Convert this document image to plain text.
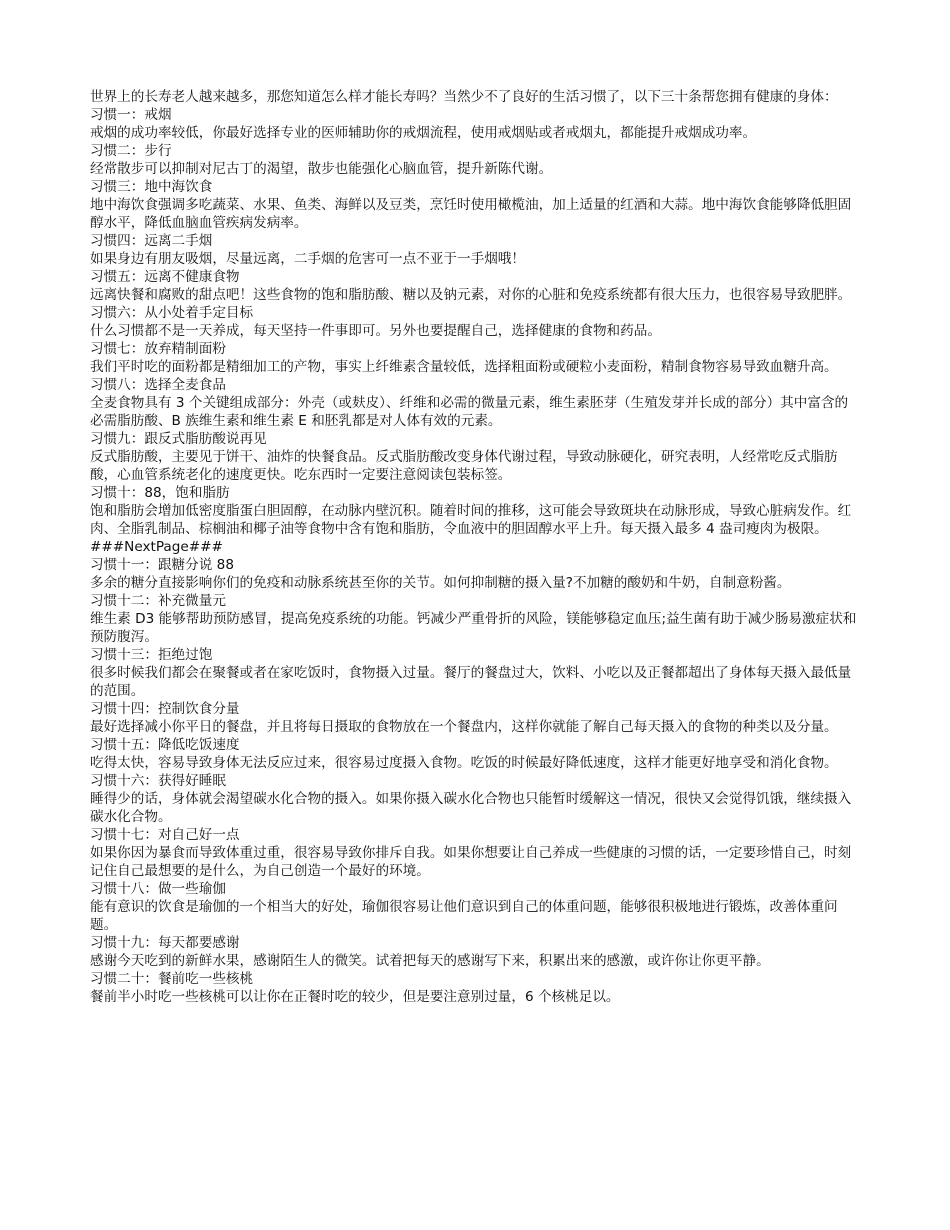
世界上的长寿老人越来越多，那您知道怎么样才能长寿吗？当然少不了良好的生活习惯了，以下三十条帮您拥有健康的身体：

习惯一：戒烟

戒烟的成功率较低，你最好选择专业的医师辅助你的戒烟流程，使用戒烟贴或者戒烟丸，都能提升戒烟成功率。

习惯二：步行

经常散步可以抑制对尼古丁的渴望，散步也能强化心脑血管，提升新陈代谢。

习惯三：地中海饮食

地中海饮食强调多吃蔬菜、水果、鱼类、海鲜以及豆类，烹饪时使用橄榄油，加上适量的红酒和大蒜。地中海饮食能够降低胆固醇水平，降低血脑血管疾病发病率。

习惯四：远离二手烟

如果身边有朋友吸烟，尽量远离，二手烟的危害可一点不亚于一手烟哦！

习惯五：远离不健康食物

远离快餐和腐败的甜点吧！这些食物的饱和脂肪酸、糖以及钠元素，对你的心脏和免疫系统都有很大压力，也很容易导致肥胖。

习惯六：从小处着手定目标

什么习惯都不是一天养成，每天坚持一件事即可。另外也要提醒自己，选择健康的食物和药品。

习惯七：放弃精制面粉

我们平时吃的面粉都是精细加工的产物，事实上纤维素含量较低，选择粗面粉或硬粒小麦面粉，精制食物容易导致血糖升高。

习惯八：选择全麦食品

全麦食物具有 3 个关键组成部分：外壳（或麸皮）、纤维和必需的微量元素，维生素胚芽（生殖发芽并长成的部分）其中富含的必需脂肪酸、B 族维生素和维生素 E 和胚乳都是对人体有效的元素。

习惯九：跟反式脂肪酸说再见

反式脂肪酸，主要见于饼干、油炸的快餐食品。反式脂肪酸改变身体代谢过程，导致动脉硬化，研究表明，人经常吃反式脂肪酸，心血管系统老化的速度更快。吃东西时一定要注意阅读包装标签。

习惯十：88，饱和脂肪

饱和脂肪会增加低密度脂蛋白胆固醇，在动脉内壁沉积。随着时间的推移，这可能会导致斑块在动脉形成，导致心脏病发作。红肉、全脂乳制品、棕榈油和椰子油等食物中含有饱和脂肪，令血液中的胆固醇水平上升。每天摄入最多 4 盎司瘦肉为极限。

###NextPage###

习惯十一：跟糖分说 88

多余的糖分直接影响你们的免疫和动脉系统甚至你的关节。如何抑制糖的摄入量?不加糖的酸奶和牛奶，自制意粉酱。

习惯十二：补充微量元

维生素 D3 能够帮助预防感冒，提高免疫系统的功能。钙减少严重骨折的风险，镁能够稳定血压;益生菌有助于减少肠易激症状和预防腹泻。

习惯十三：拒绝过饱

很多时候我们都会在聚餐或者在家吃饭时，食物摄入过量。餐厅的餐盘过大，饮料、小吃以及正餐都超出了身体每天摄入最低量的范围。

习惯十四：控制饮食分量

最好选择减小你平日的餐盘，并且将每日摄取的食物放在一个餐盘内，这样你就能了解自己每天摄入的食物的种类以及分量。

习惯十五：降低吃饭速度

吃得太快，容易导致身体无法反应过来，很容易过度摄入食物。吃饭的时候最好降低速度，这样才能更好地享受和消化食物。

习惯十六：获得好睡眠

睡得少的话，身体就会渴望碳水化合物的摄入。如果你摄入碳水化合物也只能暂时缓解这一情况，很快又会觉得饥饿，继续摄入碳水化合物。

习惯十七：对自己好一点

如果你因为暴食而导致体重过重，很容易导致你排斥自我。如果你想要让自己养成一些健康的习惯的话，一定要珍惜自己，时刻记住自己最想要的是什么，为自己创造一个最好的环境。

习惯十八：做一些瑜伽

能有意识的饮食是瑜伽的一个相当大的好处，瑜伽很容易让他们意识到自己的体重问题，能够很积极地进行锻炼，改善体重问题。

习惯十九：每天都要感谢

感谢今天吃到的新鲜水果，感谢陌生人的微笑。试着把每天的感谢写下来，积累出来的感激，或许你让你更平静。

习惯二十：餐前吃一些核桃

餐前半小时吃一些核桃可以让你在正餐时吃的较少，但是要注意别过量，6 个核桃足以。
